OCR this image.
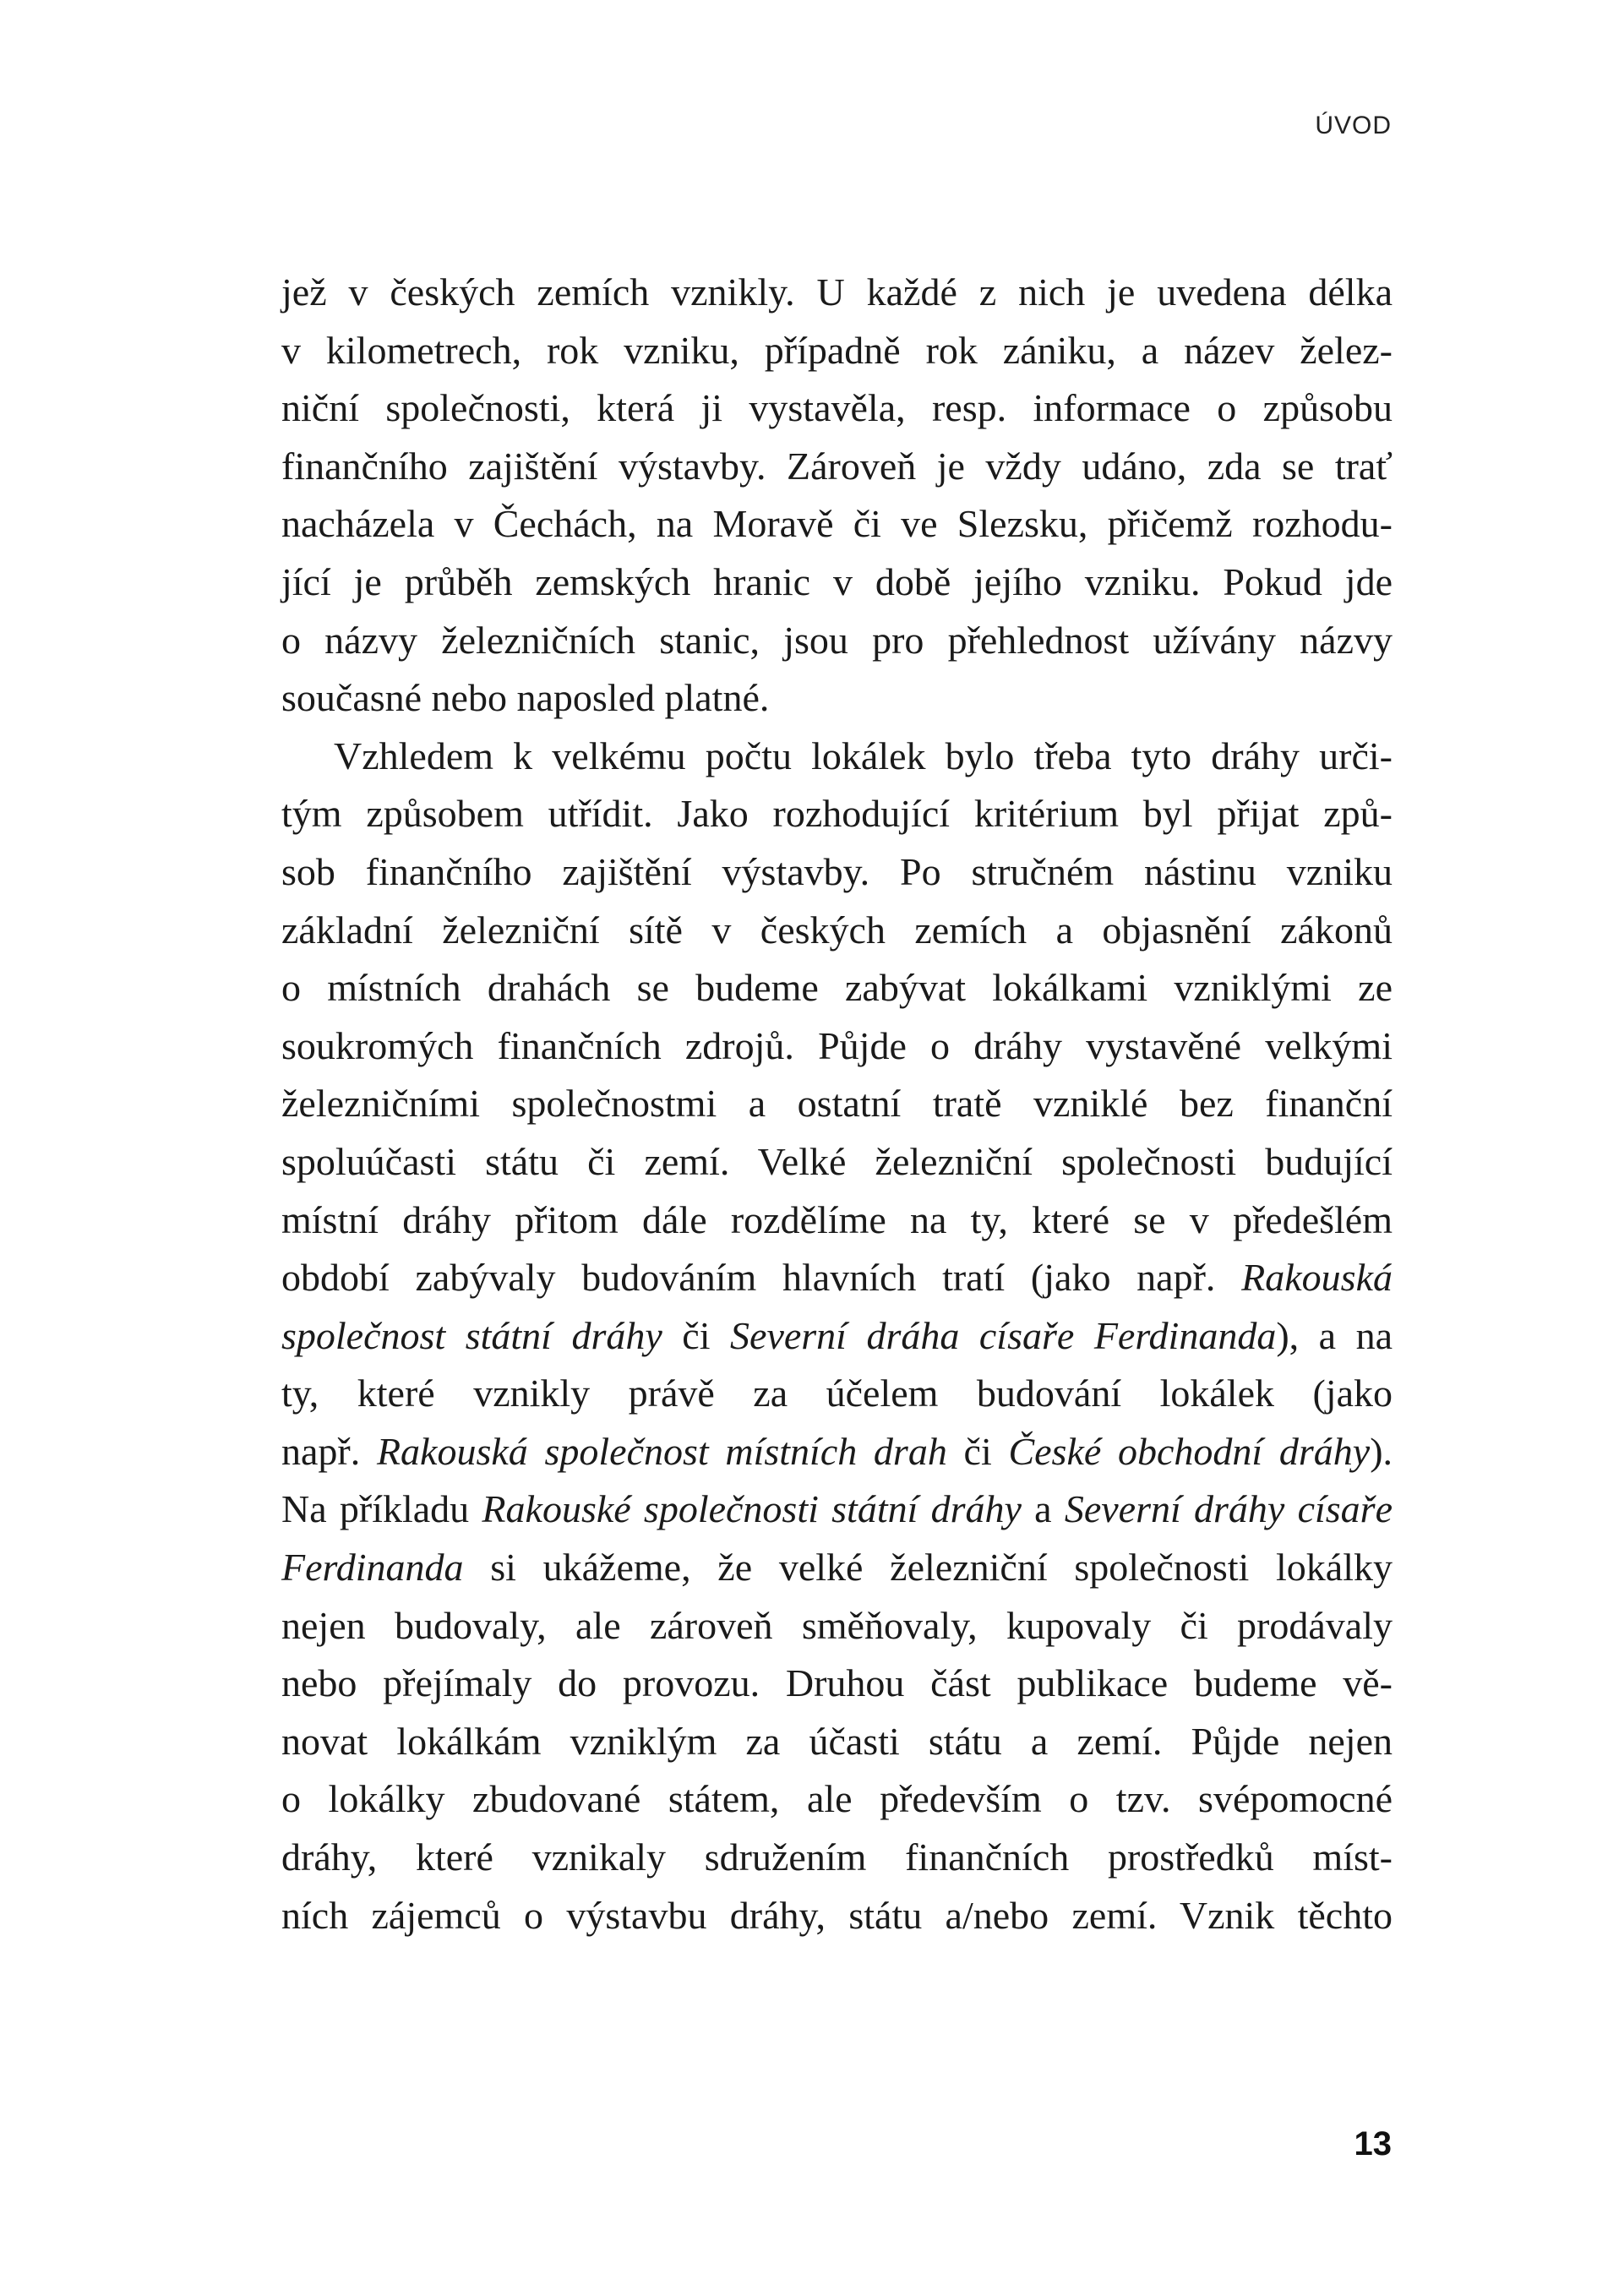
ÚVOD

jež v českých zemích vznikly. U každé z nich je uvedena délka
v kilometrech, rok vzniku, případně rok zániku, a název želez-
niční společnosti, která ji vystavěla, resp. informace o způsobu
finančního zajištění výstavby. Zároveň je vždy udáno, zda se trať
nacházela v Čechách, na Moravě či ve Slezsku, přičemž rozhodu-
jící je průběh zemských hranic v době jejího vzniku. Pokud jde
o názvy železničních stanic, jsou pro přehlednost užívány názvy
současné nebo naposled platné.

Vzhledem k velkému počtu lokálek bylo třeba tyto dráhy urči-
tým způsobem utřídit. Jako rozhodující kritérium byl přijat způ-
sob finančního zajištění výstavby. Po stručném nástinu vzniku
základní železniční sítě v českých zemích a objasnění zákonů
o místních drahách se budeme zabývat lokálkami vzniklými ze
soukromých finančních zdrojů. Půjde o dráhy vystavěné velkými
železničními společnostmi a ostatní tratě vzniklé bez finanční
spoluúčasti státu či zemí. Velké železniční společnosti budující
místní dráhy přitom dále rozdělíme na ty, které se v předešlém
období zabývaly budováním hlavních tratí (jako např. Rakouská
společnost státní dráhy či Severní dráha císaře Ferdinanda), a na
ty, které vznikly právě za účelem budování lokálek (jako
např. Rakouská společnost místních drah či České obchodní dráhy).
Na příkladu Rakouské společnosti státní dráhy a Severní dráhy císaře
Ferdinanda si ukážeme, že velké železniční společnosti lokálky
nejen budovaly, ale zároveň směňovaly, kupovaly či prodávaly
nebo přejímaly do provozu. Druhou část publikace budeme vě-
novat lokálkám vzniklým za účasti státu a zemí. Půjde nejen
o lokálky zbudované státem, ale především o tzv. svépomocné
dráhy, které vznikaly sdružením finančních prostředků míst-
ních zájemců o výstavbu dráhy, státu a/nebo zemí. Vznik těchto

13
